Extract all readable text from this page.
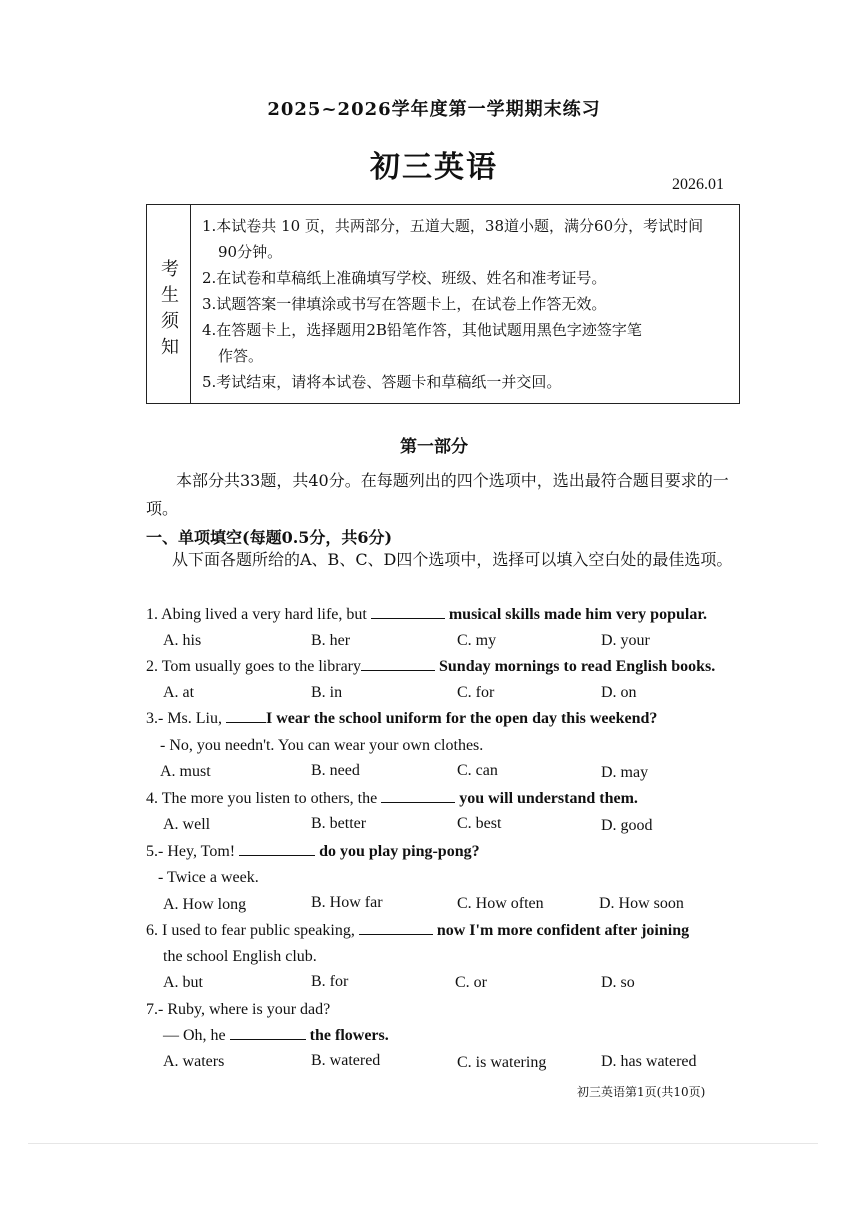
2025~2026学年度第一学期期末练习
初三英语	2026.01
考
生
须
知
1.本试卷共 10 页，共两部分，五道大题，38道小题，满分60分，考试时间
90分钟。
2.在试卷和草稿纸上准确填写学校、班级、姓名和准考证号。
3.试题答案一律填涂或书写在答题卡上，在试卷上作答无效。
4.在答题卡上，选择题用2B铅笔作答，其他试题用黑色字迹签字笔
作答。
5.考试结束，请将本试卷、答题卡和草稿纸一并交回。
第一部分
本部分共33题，共40分。在每题列出的四个选项中，选出最符合题目要求的一项。
一、单项填空(每题0.5分，共6分)
从下面各题所给的A、B、C、D四个选项中，选择可以填入空白处的最佳选项。
1. Abing lived a very hard life, but	musical skills made him very popular.
A. his	B. her	C. my	D. your
2. Tom usually goes to the library	Sunday mornings to read English books.
A. at	B. in	C. for	D. on
3.- Ms. Liu,	I wear the school uniform for the open day this weekend?
- No, you needn't. You can wear your own clothes.
A. must	B. need	C. can	D. may
4. The more you listen to others, the	you will understand them.
A. well	B. better	C. best	D. good
5.- Hey, Tom!	do you play ping-pong?
- Twice a week.
A. How long	B. How far	C. How often	D. How soon
6. I used to fear public speaking,	now I'm more confident after joining
the school English club.
A. but	B. for	C. or	D. so
7.- Ruby, where is your dad?
— Oh, he	the flowers.
A. waters	B. watered	C. is watering	D. has watered
初三英语第1页(共10页)
